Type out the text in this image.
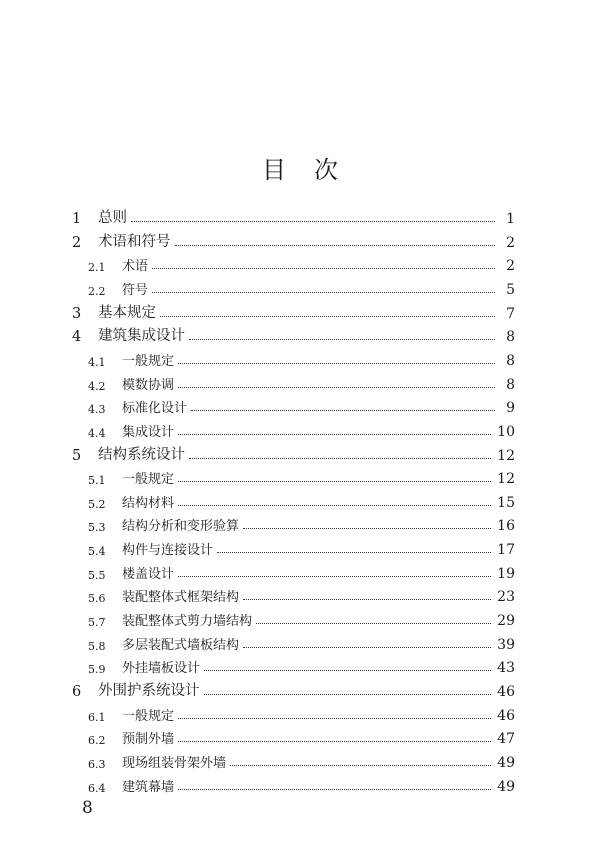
目次
1	总则	1
2	术语和符号	2
2.1	术语	2
2.2	符号	5
3	基本规定	7
4	建筑集成设计	8
4.1	一般规定	8
4.2	模数协调	8
4.3	标准化设计	9
4.4	集成设计	10
5	结构系统设计	12
5.1	一般规定	12
5.2	结构材料	15
5.3	结构分析和变形验算	16
5.4	构件与连接设计	17
5.5	楼盖设计	19
5.6	装配整体式框架结构	23
5.7	装配整体式剪力墙结构	29
5.8	多层装配式墙板结构	39
5.9	外挂墙板设计	43
6	外围护系统设计	46
6.1	一般规定	46
6.2	预制外墙	47
6.3	现场组装骨架外墙	49
6.4	建筑幕墙	49
8
